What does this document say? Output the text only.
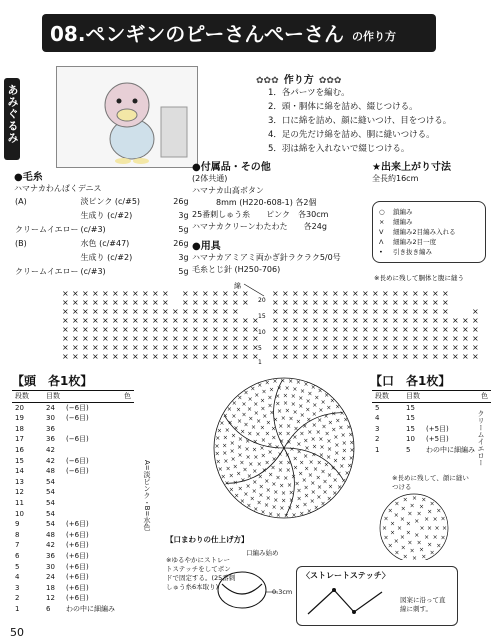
08.ペンギンのピーさんぺーさん の作り方
あみぐるみ
✿✿✿ 作り方 ✿✿✿
1．各パーツを編む。
2．頭・胴体に綿を詰め、綴じつける。
3．口に綿を詰め、顔に縫いつけ、目をつける。
4．足の先だけ綿を詰め、胴に縫いつける。
5．羽は綿を入れないで綴じつける。
●毛糸
ハマナカわんぱくデニス
(A)	淡ピンク (c/#5)	26g
	生成り (c/#2)	3g
クリームイエロー	(c/#3)	5g
(B)	水色 (c/#47)	26g
	生成り (c/#2)	3g
クリームイエロー	(c/#3)	5g
●付属品・その他
(2体共通)
ハマナカ山高ボタン
8mm (H220-608-1) 各2個
25番刺しゅう糸　　ピンク　各30cm
ハマナカクリーンわたわた　　各24g
●用具
ハマナカアミアミ両かぎ針ラクラク5/0号
毛糸とじ針 (H250-706)
★出来上がり寸法
全長約16cm
○	鎖編み
×	細編み
V	細編み2目編み入れる
Λ	細編み2目一度
•	引き抜き編み
※長めに残して胴体と腹に縫う
綿
× × × × × × × × × × × × × × × × × ×	× × × × × × × × × × × × × × × × × ×
× × × × × × × × × × × × × × × × × ×	× × × × × × × × × × × × × × × × × ×
× × × × × × × × × × × × × × × × × ×	× × × × × × × × × × × × × × × × × ×	×
× × × × × × × × × × × × × × × × × × × × × × × × × × × × × × × × × × × × × × × × ×
× × × × × × × × × × × × × × × × × × × × × × × × × × × × × × × × × × × × × × × × ×
× × × × × × × × × × × × × × × × × × × × × × × × × × × × × × × × × × × × × × × × ×
× × × × × × × × × × × × × × × × × × × × × × × × × × × × × × × × × × × × × × × × ×
× × × × × × × × × × × × × × × × × × × × × × × × × × × × × × × × × × × × × × × × ×
20
15
10
5
1
【頭　各1枚】
段数	目数		色
20	24	(−6目)	
19	30	(−6目)	
18	36		
17	36	(−6目)	
16	42		
15	42	(−6目)	
14	48	(−6目)	
13	54		
12	54		
11	54		
10	54		
9	54	(+6目)	
8	48	(+6目)	
7	42	(+6目)	
6	36	(+6目)	
5	30	(+6目)	
4	24	(+6目)	
3	18	(+6目)	
2	12	(+6目)	
1	6	わの中に細編み	
A=淡ピンク・B=水色
×
×
×
×
× ×
×
×
×
×
×
×
×
×
× ×
×
×
×
×
×
×
×
×
×
×
×
×
×
× × × ×
×
×
×
×
×
×
×
×
×
×
×
×
×
×
×
×
×
× × × × ×
×
×
×
×
×
×
×
×
×
×
×
×
×
×
×
×
×
×
×
×
×
×
× × × × × ×
×
×
×
×
×
×
×
×
×
×
×
×
×
×
×
×
×
×
×
×
×
×
×
×
×
×
×
× × × × × × ×
×
×
×
×
×
×
×
×
×
×
×
×
×
×
×
×
×
×
×
×
×
×
×
×
×
×
×
×
×
×
×
×
× × × × × × ×
×
×
×
×
×
×
×
×
×
×
×
×
×
×
×
×
×
×
×
×
×
×
×
×
×
×
×
×
×
×
×
×
×
×
×
×
×
× × × × × × × ×
×
×
×
×
×
×
×
×
×
×
×
×
×
×
×
×
×
×
×
×
×
×
×
×
×
×
×
×
×
×
×
×
×
×
×
×
×
×
×
×
×
×
× × × × × × × × ×
×
×
×
×
×
×
×
×
×
×
×
×
×
×
×
×
×
×
【口　各1枚】
段数	目数		色
5	15		
4	15		
3	15	(+5目)	
2	10	(+5目)	
1	5	わの中に細編み	クリームイエロー
※長めに残して、顔に縫いつける
×
×
×
× ×
×
×
×
×
×
×
×
× ×
×
×
×
×
×
×
×
×
×
×
×
× × ×
×
×
×
×
×
×
×
×
×
×
×
×
×
×
×
×
× × ×
×
×
×
【口まわりの仕上げ方】
口編み始め
※ゆるやかにストレートステッチをしてボンドで固定する。(25番刺しゅう糸6本取り)
0.3cm
〈ストレートステッチ〉
図案に沿って直線に刺す。
50
